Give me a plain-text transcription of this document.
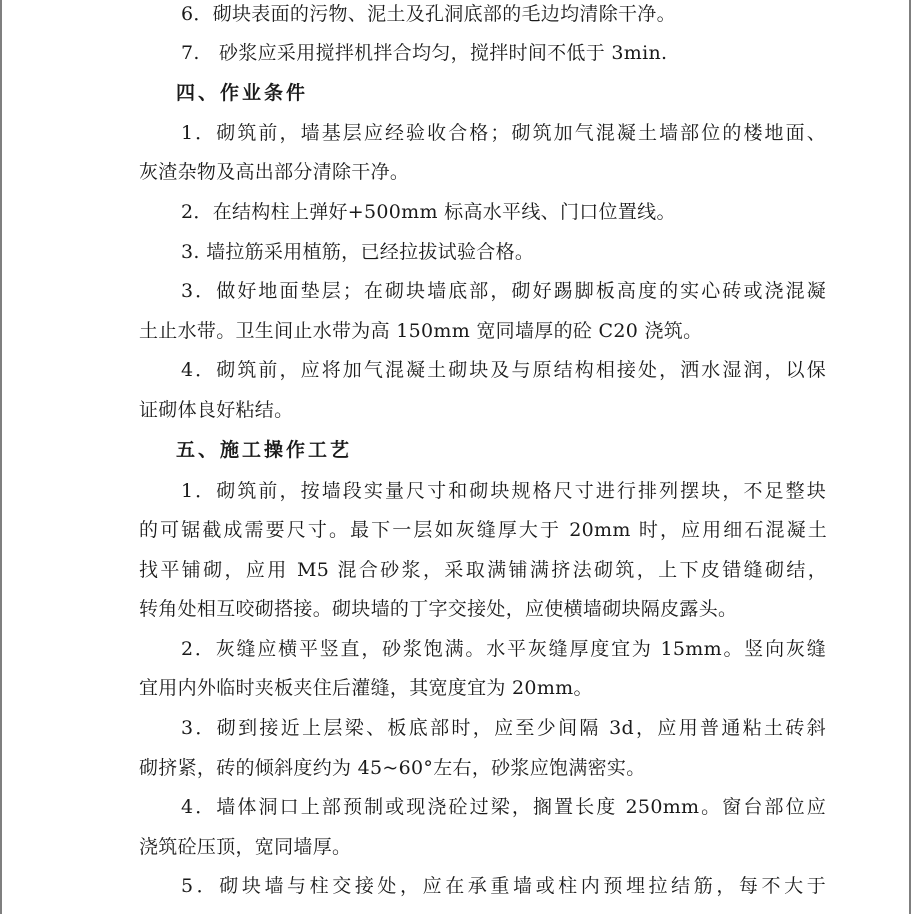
6．砌块表面的污物、泥土及孔洞底部的毛边均清除干净。
7.　砂浆应采用搅拌机拌合均匀，搅拌时间不低于 3min.
四、作业条件
1．砌筑前，墙基层应经验收合格；砌筑加气混凝土墙部位的楼地面、
灰渣杂物及高出部分清除干净。
2．在结构柱上弹好+500mm 标高水平线、门口位置线。
3. 墙拉筋采用植筋，已经拉拔试验合格。
3．做好地面垫层；在砌块墙底部，砌好踢脚板高度的实心砖或浇混凝
土止水带。卫生间止水带为高 150mm 宽同墙厚的砼 C20 浇筑。
4．砌筑前，应将加气混凝土砌块及与原结构相接处，洒水湿润，以保
证砌体良好粘结。
五、施工操作工艺
1．砌筑前，按墙段实量尺寸和砌块规格尺寸进行排列摆块，不足整块
的可锯截成需要尺寸。最下一层如灰缝厚大于 20mm 时，应用细石混凝土
找平铺砌，应用 M5 混合砂浆，采取满铺满挤法砌筑，上下皮错缝砌结，
转角处相互咬砌搭接。砌块墙的丁字交接处，应使横墙砌块隔皮露头。
2．灰缝应横平竖直，砂浆饱满。水平灰缝厚度宜为 15mm。竖向灰缝
宜用内外临时夹板夹住后灌缝，其宽度宜为 20mm。
3．砌到接近上层梁、板底部时，应至少间隔 3d，应用普通粘土砖斜
砌挤紧，砖的倾斜度约为 45~60°左右，砂浆应饱满密实。
4．墙体洞口上部预制或现浇砼过梁，搁置长度 250mm。窗台部位应
浇筑砼压顶，宽同墙厚。
5．砌块墙与柱交接处，应在承重墙或柱内预埋拉结筋，每不大于
